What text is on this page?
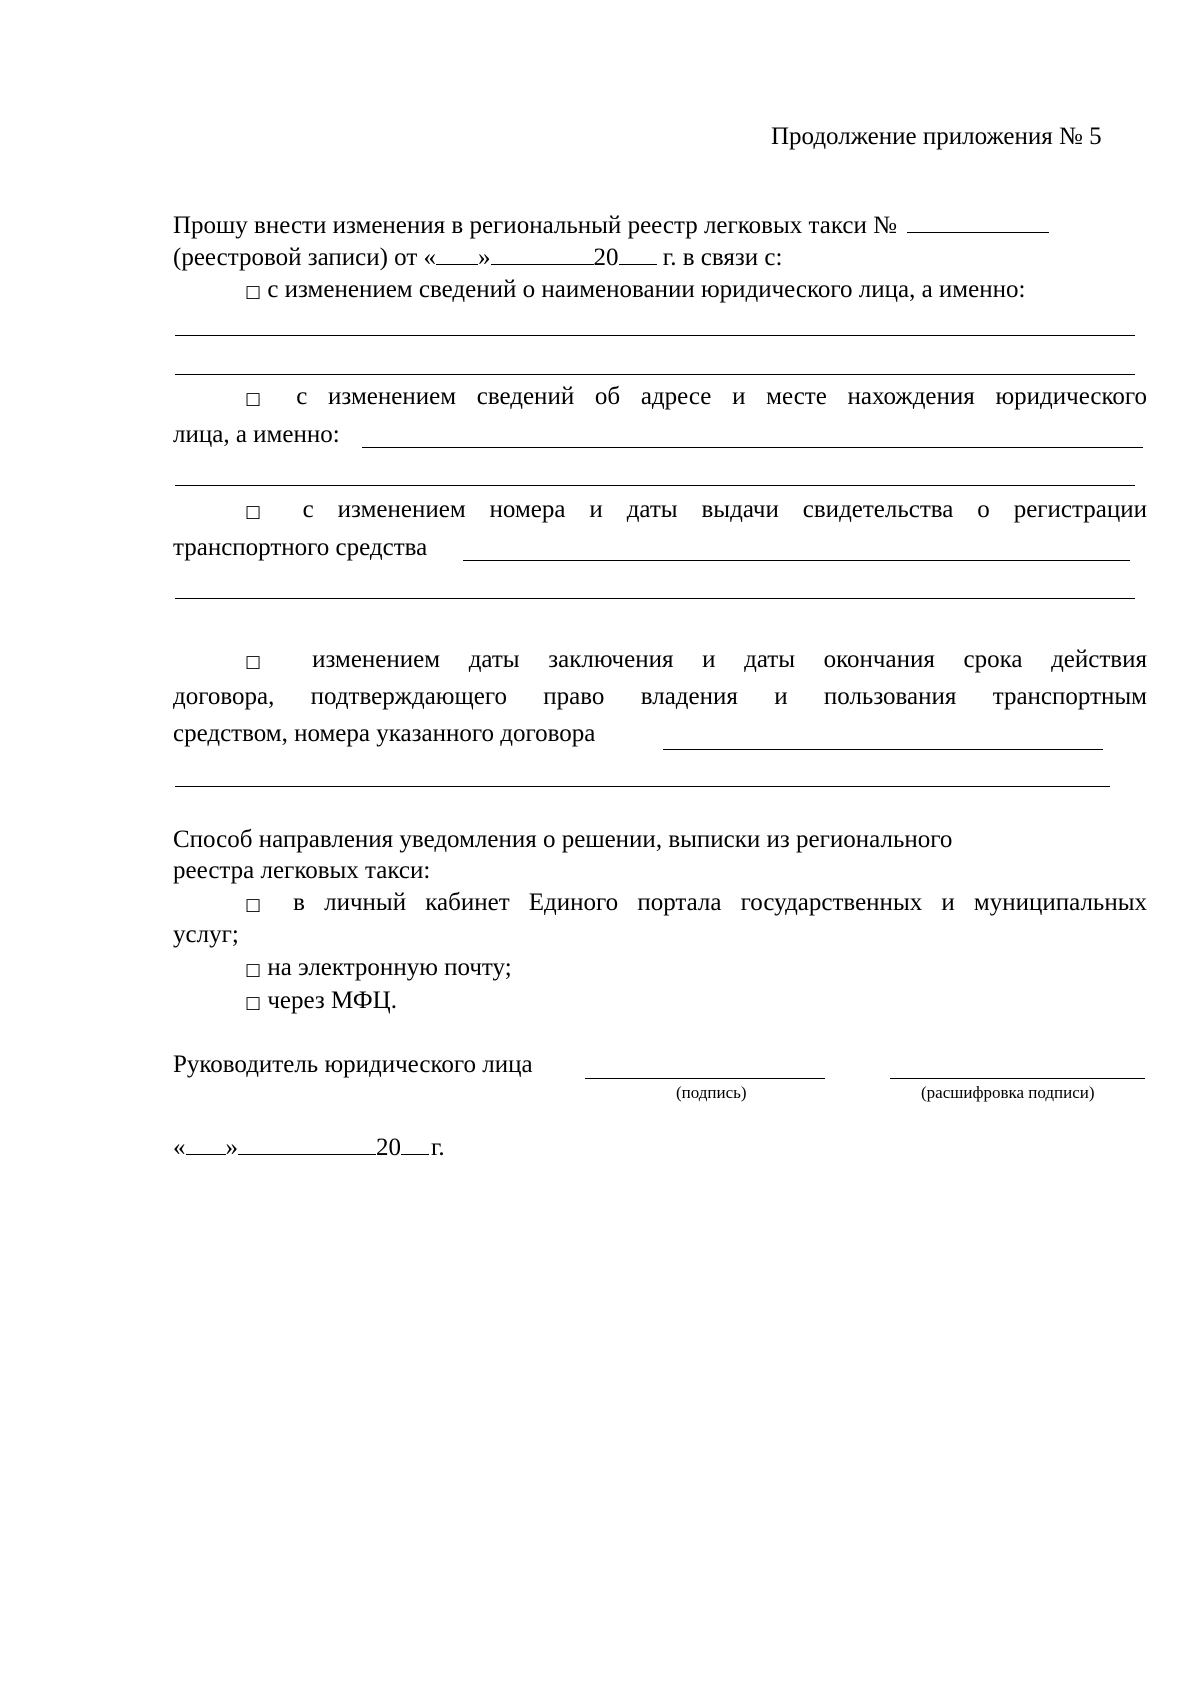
Продолжение приложения № 5
Прошу внести изменения в региональный реестр легковых такси №
(реестровой записи) от « »	20 г. в связи с:
□ с изменением сведений о наименовании юридического лица, а именно:
□ с изменением сведений об адресе и месте нахождения юридического
лица, а именно:
□ с изменением номера и даты выдачи свидетельства о регистрации
транспортного средства
□ изменением даты заключения и даты окончания срока действия
договора, подтверждающего право владения и пользования транспортным
средством, номера указанного договора
Способ направления уведомления о решении, выписки из регионального
реестра легковых такси:
□ в личный кабинет Единого портала государственных и муниципальных
услуг;
□ на электронную почту;
□ через МФЦ.
Руководитель юридического лица
(подпись)	(расшифровка подписи)
« »	20 г.
